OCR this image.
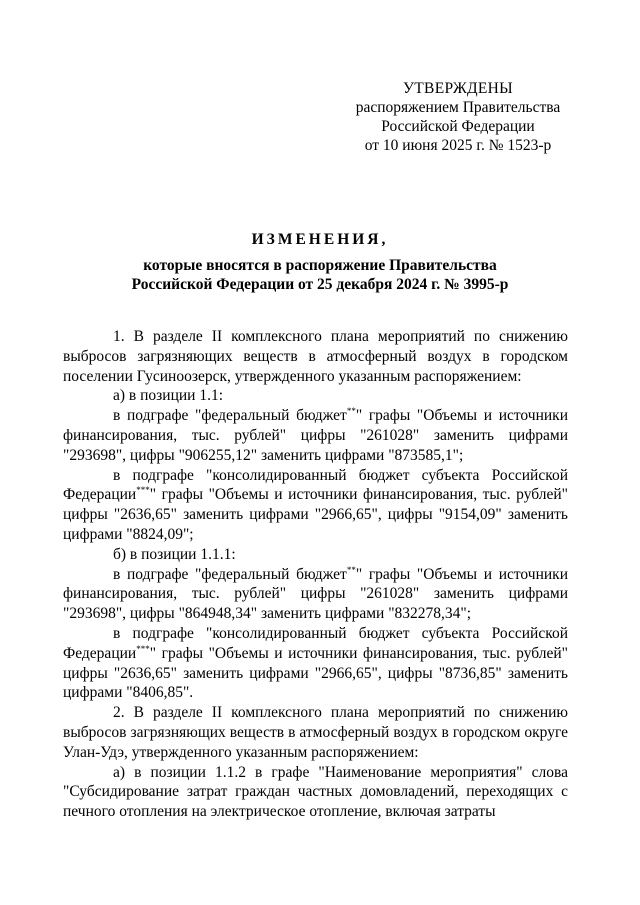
УТВЕРЖДЕНЫ
распоряжением Правительства
Российской Федерации
от 10 июня 2025 г. № 1523-р
ИЗМЕНЕНИЯ,
которые вносятся в распоряжение Правительства
Российской Федерации от 25 декабря 2024 г. № 3995-р

1. В разделе II комплексного плана мероприятий по снижению выбросов загрязняющих веществ в атмосферный воздух в городском поселении Гусиноозерск, утвержденного указанным распоряжением:

а) в позиции 1.1:

в подграфе "федеральный бюджет**" графы "Объемы и источники финансирования, тыс. рублей" цифры "261028" заменить цифрами "293698", цифры "906255,12" заменить цифрами "873585,1";

в подграфе "консолидированный бюджет субъекта Российской Федерации***" графы "Объемы и источники финансирования, тыс. рублей" цифры "2636,65" заменить цифрами "2966,65", цифры "9154,09" заменить цифрами "8824,09";

б) в позиции 1.1.1:

в подграфе "федеральный бюджет**" графы "Объемы и источники финансирования, тыс. рублей" цифры "261028" заменить цифрами "293698", цифры "864948,34" заменить цифрами "832278,34";

в подграфе "консолидированный бюджет субъекта Российской Федерации***" графы "Объемы и источники финансирования, тыс. рублей" цифры "2636,65" заменить цифрами "2966,65", цифры "8736,85" заменить цифрами "8406,85".

2. В разделе II комплексного плана мероприятий по снижению выбросов загрязняющих веществ в атмосферный воздух в городском округе Улан-Удэ, утвержденного указанным распоряжением:

а) в позиции 1.1.2 в графе "Наименование мероприятия" слова "Субсидирование затрат граждан частных домовладений, переходящих с печного отопления на электрическое отопление, включая затраты
